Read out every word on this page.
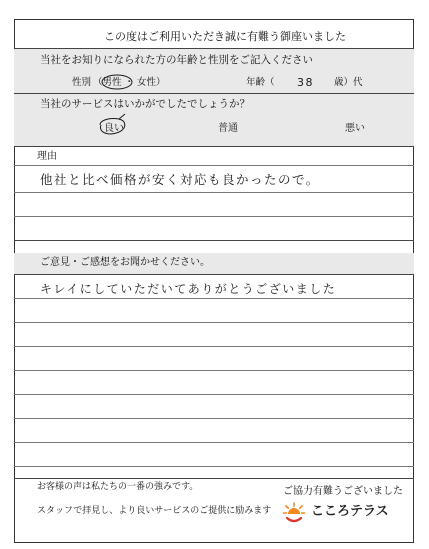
この度はご利用いただき誠に有難う御座いました
当社をお知りになられた方の年齢と性別をご記入ください
性別 （男性 ・ 女性）	年齢（ 38 歳）代
当社のサービスはいかがでしたでしょうか？
良い	普通	悪い
理由
他社と比べ価格が安く対応も良かったので。
ご意見・ご感想をお聞かせください。
キレイにしていただいてありがとうございました
お客様の声は私たちの一番の強みです。
スタッフで拝見し、より良いサービスのご提供に励みます
ご協力有難うございました
こころテラス
